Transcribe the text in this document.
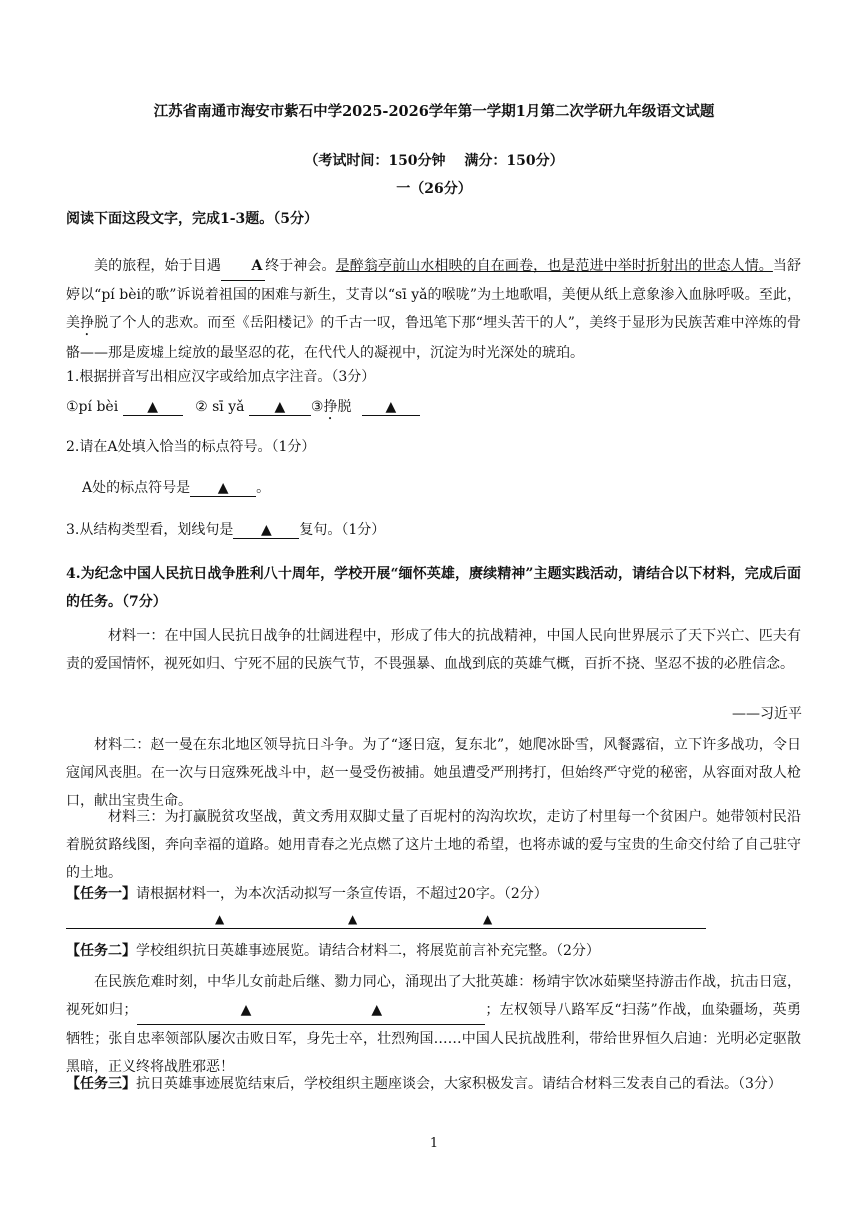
江苏省南通市海安市紫石中学2025-2026学年第一学期1月第二次学研九年级语文试题
（考试时间：150分钟　 满分：150分）
一（26分）
阅读下面这段文字，完成1-3题。（5分）
美的旅程，始于目遇 A 终于神会。是醉翁亭前山水相映的自在画卷，也是范进中举时折射出的世态人情。当舒婷以“pí bèi的歌”诉说着祖国的困难与新生，艾青以“sī yǎ的喉咙”为土地歌唱，美便从纸上意象渗入血脉呼吸。至此，美挣脱了个人的悲欢。而至《岳阳楼记》的千古一叹，鲁迅笔下那“埋头苦干的人”，美终于显形为民族苦难中淬炼的骨骼——那是废墟上绽放的最坚忍的花，在代代人的凝视中，沉淀为时光深处的琥珀。
1.根据拼音写出相应汉字或给加点字注音。（3分）
①pí bèi ▲	② sī yǎ ▲ ③挣脱 ▲
2.请在A处填入恰当的标点符号。（1分）
A处的标点符号是 ▲ 。
3.从结构类型看，划线句是 ▲ 复句。（1分）
4.为纪念中国人民抗日战争胜利八十周年，学校开展“缅怀英雄，赓续精神”主题实践活动，请结合以下材料，完成后面的任务。（7分）
材料一：在中国人民抗日战争的壮阔进程中，形成了伟大的抗战精神，中国人民向世界展示了天下兴亡、匹夫有责的爱国情怀，视死如归、宁死不屈的民族气节，不畏强暴、血战到底的英雄气概，百折不挠、坚忍不拔的必胜信念。
——习近平
材料二：赵一曼在东北地区领导抗日斗争。为了“逐日寇，复东北”，她爬冰卧雪，风餐露宿，立下许多战功，令日寇闻风丧胆。在一次与日寇殊死战斗中，赵一曼受伤被捕。她虽遭受严刑拷打，但始终严守党的秘密，从容面对敌人枪口，献出宝贵生命。
材料三：为打赢脱贫攻坚战，黄文秀用双脚丈量了百坭村的沟沟坎坎，走访了村里每一个贫困户。她带领村民沿着脱贫路线图，奔向幸福的道路。她用青春之光点燃了这片土地的希望，也将赤诚的爱与宝贵的生命交付给了自己驻守的土地。
【任务一】请根据材料一，为本次活动拟写一条宣传语，不超过20字。（2分）
▲	▲	▲
【任务二】学校组织抗日英雄事迹展览。请结合材料二，将展览前言补充完整。（2分）
在民族危难时刻，中华儿女前赴后继、勠力同心，涌现出了大批英雄：杨靖宇饮冰茹檗坚持游击作战，抗击日寇，视死如归；	▲	▲	；左权领导八路军反“扫荡”作战，血染疆场，英勇牺牲；张自忠率领部队屡次击败日军，身先士卒，壮烈殉国……中国人民抗战胜利，带给世界恒久启迪：光明必定驱散黑暗，正义终将战胜邪恶！
【任务三】抗日英雄事迹展览结束后，学校组织主题座谈会，大家积极发言。请结合材料三发表自己的看法。（3分）
1
